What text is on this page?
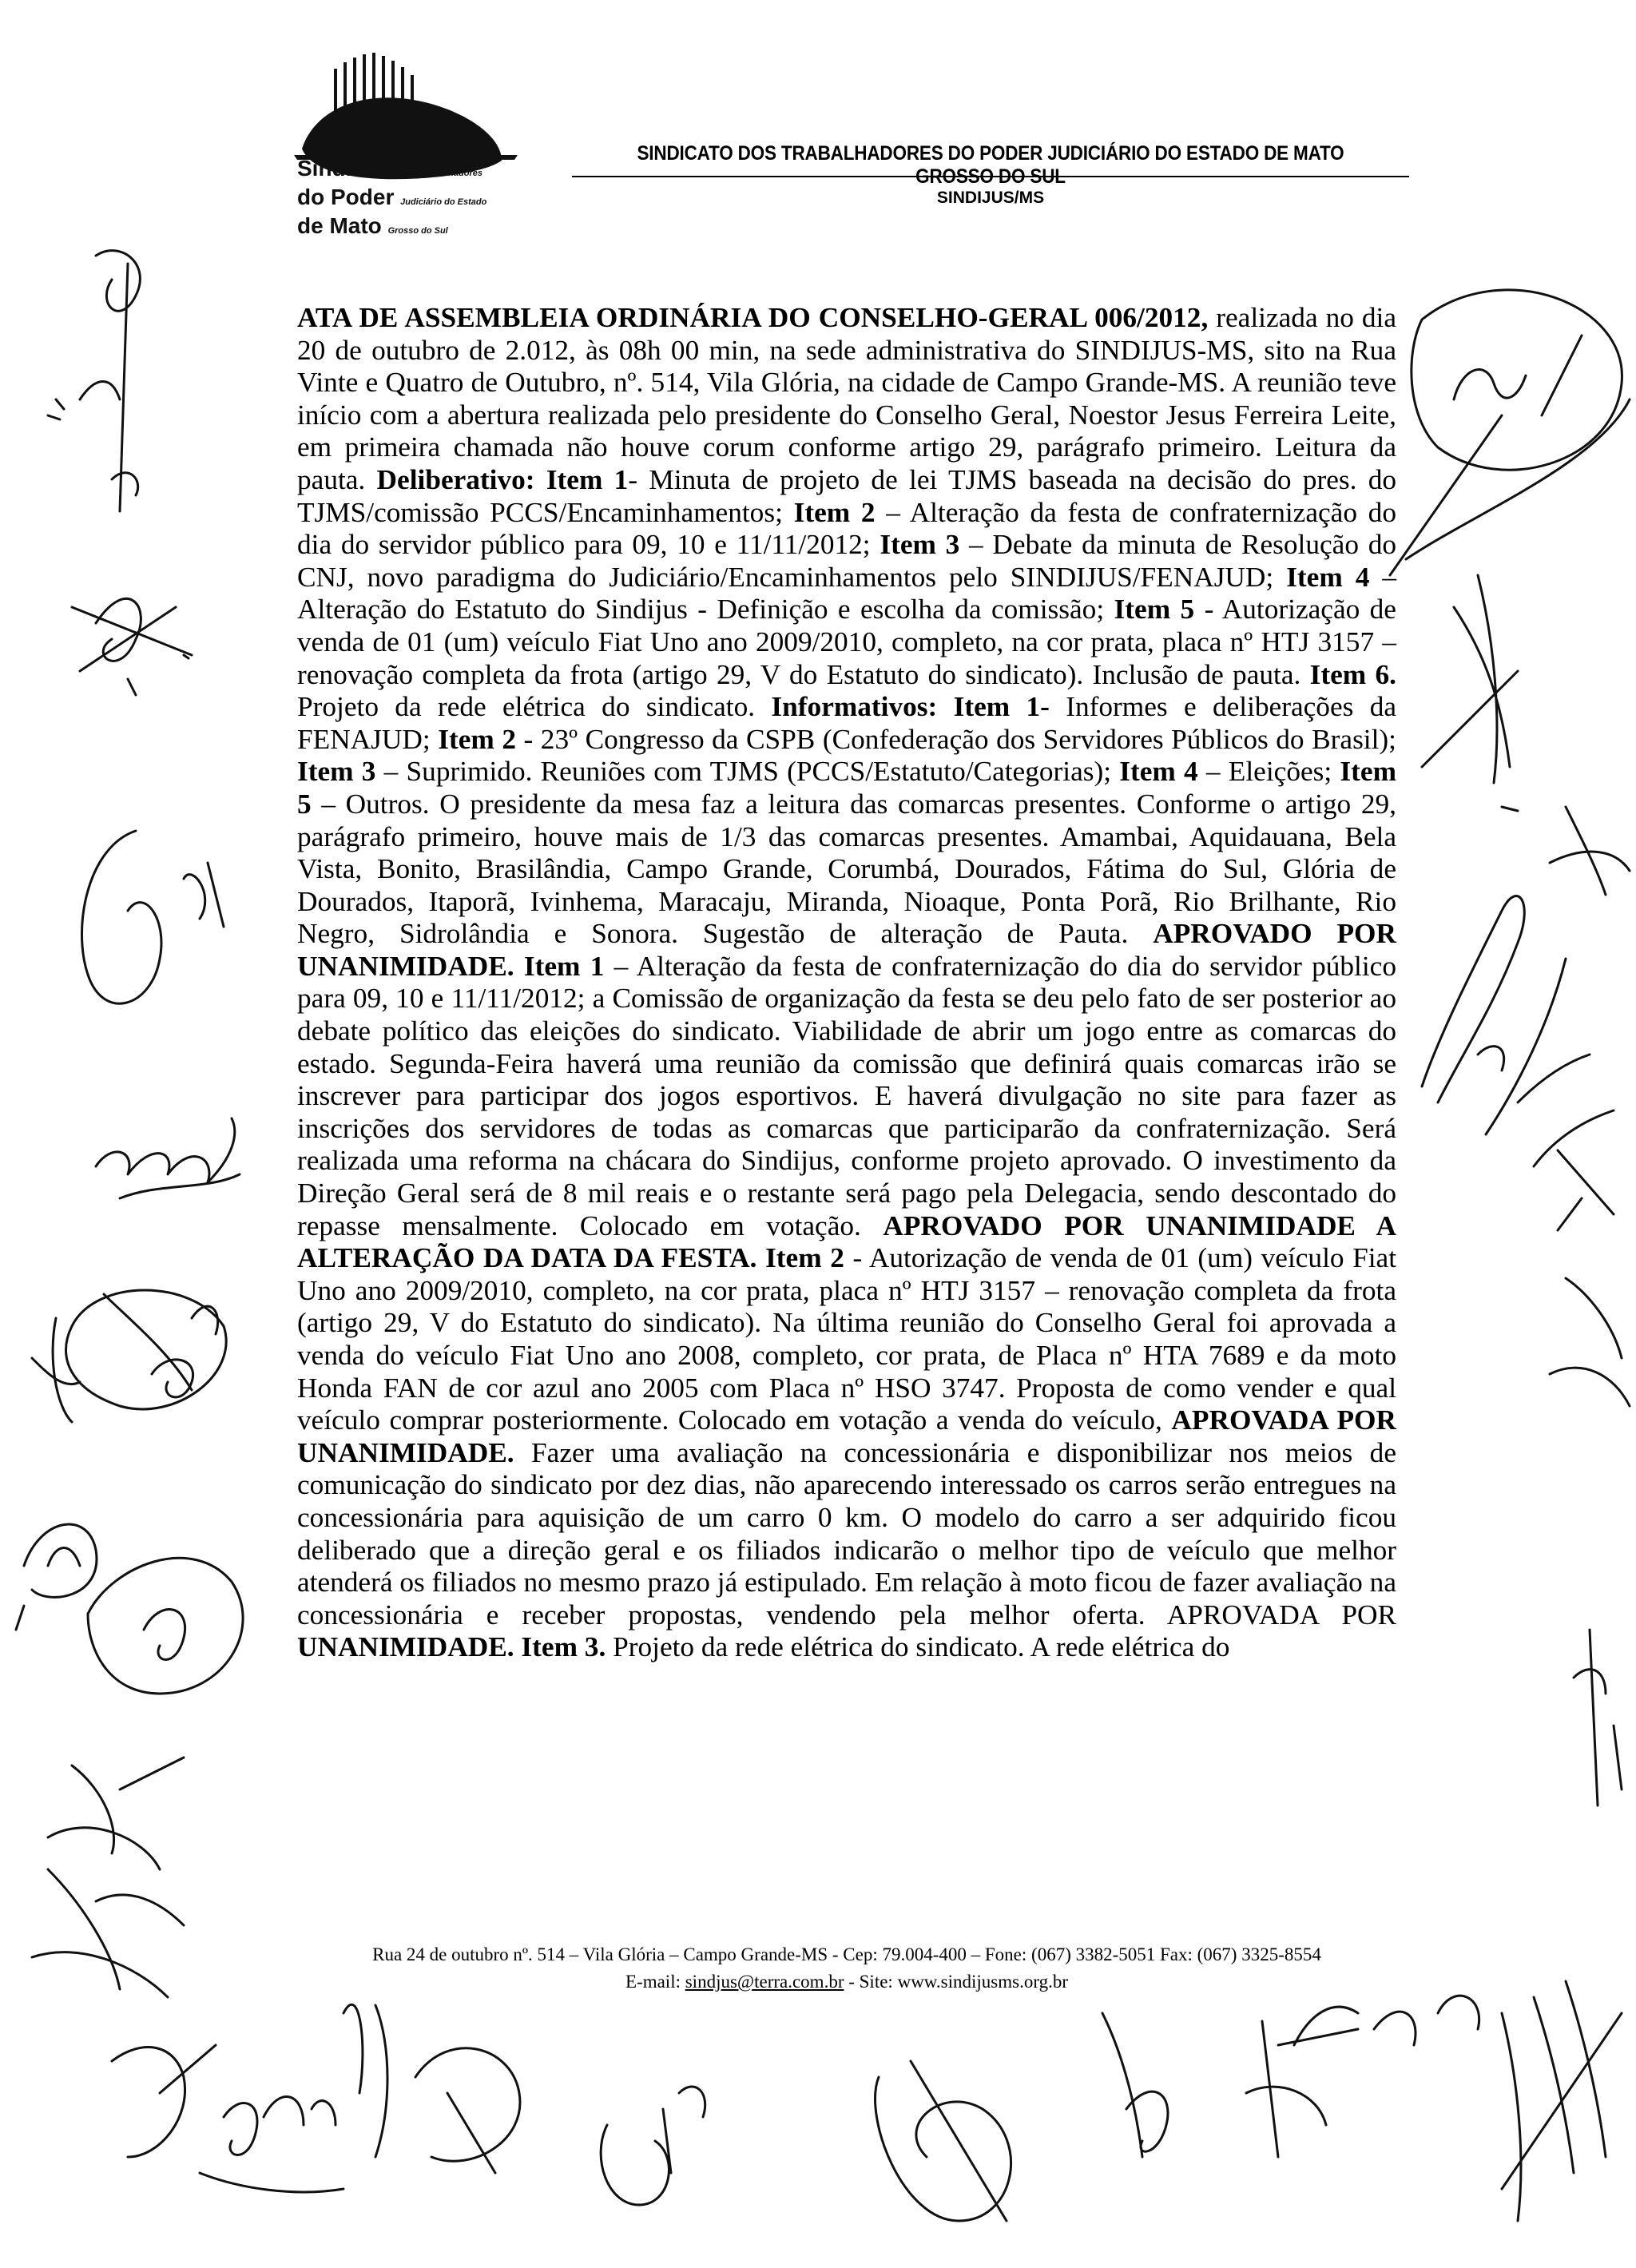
Sindicato dos Trabalhadores
do Poder Judiciário do Estado
de Mato Grosso do Sul
SINDICATO DOS TRABALHADORES DO PODER JUDICIÁRIO DO ESTADO DE MATO GROSSO DO SUL
SINDIJUS/MS

ATA DE ASSEMBLEIA ORDINÁRIA DO CONSELHO-GERAL 006/2012, realizada no dia 20 de outubro de 2.012, às 08h 00 min, na sede administrativa do SINDIJUS-MS, sito na Rua Vinte e Quatro de Outubro, nº. 514, Vila Glória, na cidade de Campo Grande-MS. A reunião teve início com a abertura realizada pelo presidente do Conselho Geral, Noestor Jesus Ferreira Leite, em primeira chamada não houve corum conforme artigo 29, parágrafo primeiro. Leitura da pauta. Deliberativo: Item 1- Minuta de projeto de lei TJMS baseada na decisão do pres. do TJMS/comissão PCCS/Encaminhamentos; Item 2 – Alteração da festa de confraternização do dia do servidor público para 09, 10 e 11/11/2012; Item 3 – Debate da minuta de Resolução do CNJ, novo paradigma do Judiciário/Encaminhamentos pelo SINDIJUS/FENAJUD; Item 4 – Alteração do Estatuto do Sindijus - Definição e escolha da comissão; Item 5 - Autorização de venda de 01 (um) veículo Fiat Uno ano 2009/2010, completo, na cor prata, placa nº HTJ 3157 – renovação completa da frota (artigo 29, V do Estatuto do sindicato). Inclusão de pauta. Item 6. Projeto da rede elétrica do sindicato. Informativos: Item 1- Informes e deliberações da FENAJUD; Item 2 - 23º Congresso da CSPB (Confederação dos Servidores Públicos do Brasil); Item 3 – Suprimido. Reuniões com TJMS (PCCS/Estatuto/Categorias); Item 4 – Eleições; Item 5 – Outros. O presidente da mesa faz a leitura das comarcas presentes. Conforme o artigo 29, parágrafo primeiro, houve mais de 1/3 das comarcas presentes. Amambai, Aquidauana, Bela Vista, Bonito, Brasilândia, Campo Grande, Corumbá, Dourados, Fátima do Sul, Glória de Dourados, Itaporã, Ivinhema, Maracaju, Miranda, Nioaque, Ponta Porã, Rio Brilhante, Rio Negro, Sidrolândia e Sonora. Sugestão de alteração de Pauta. APROVADO POR UNANIMIDADE. Item 1 – Alteração da festa de confraternização do dia do servidor público para 09, 10 e 11/11/2012; a Comissão de organização da festa se deu pelo fato de ser posterior ao debate político das eleições do sindicato. Viabilidade de abrir um jogo entre as comarcas do estado. Segunda-Feira haverá uma reunião da comissão que definirá quais comarcas irão se inscrever para participar dos jogos esportivos. E haverá divulgação no site para fazer as inscrições dos servidores de todas as comarcas que participarão da confraternização. Será realizada uma reforma na chácara do Sindijus, conforme projeto aprovado. O investimento da Direção Geral será de 8 mil reais e o restante será pago pela Delegacia, sendo descontado do repasse mensalmente. Colocado em votação. APROVADO POR UNANIMIDADE A ALTERAÇÃO DA DATA DA FESTA. Item 2 - Autorização de venda de 01 (um) veículo Fiat Uno ano 2009/2010, completo, na cor prata, placa nº HTJ 3157 – renovação completa da frota (artigo 29, V do Estatuto do sindicato). Na última reunião do Conselho Geral foi aprovada a venda do veículo Fiat Uno ano 2008, completo, cor prata, de Placa nº HTA 7689 e da moto Honda FAN de cor azul ano 2005 com Placa nº HSO 3747. Proposta de como vender e qual veículo comprar posteriormente. Colocado em votação a venda do veículo, APROVADA POR UNANIMIDADE. Fazer uma avaliação na concessionária e disponibilizar nos meios de comunicação do sindicato por dez dias, não aparecendo interessado os carros serão entregues na concessionária para aquisição de um carro 0 km. O modelo do carro a ser adquirido ficou deliberado que a direção geral e os filiados indicarão o melhor tipo de veículo que melhor atenderá os filiados no mesmo prazo já estipulado. Em relação à moto ficou de fazer avaliação na concessionária e receber propostas, vendendo pela melhor oferta. APROVADA POR UNANIMIDADE. Item 3. Projeto da rede elétrica do sindicato. A rede elétrica do

Rua 24 de outubro nº. 514 – Vila Glória – Campo Grande-MS - Cep: 79.004-400 – Fone: (067) 3382-5051 Fax: (067) 3325-8554
E-mail: sindjus@terra.com.br - Site: www.sindijusms.org.br
